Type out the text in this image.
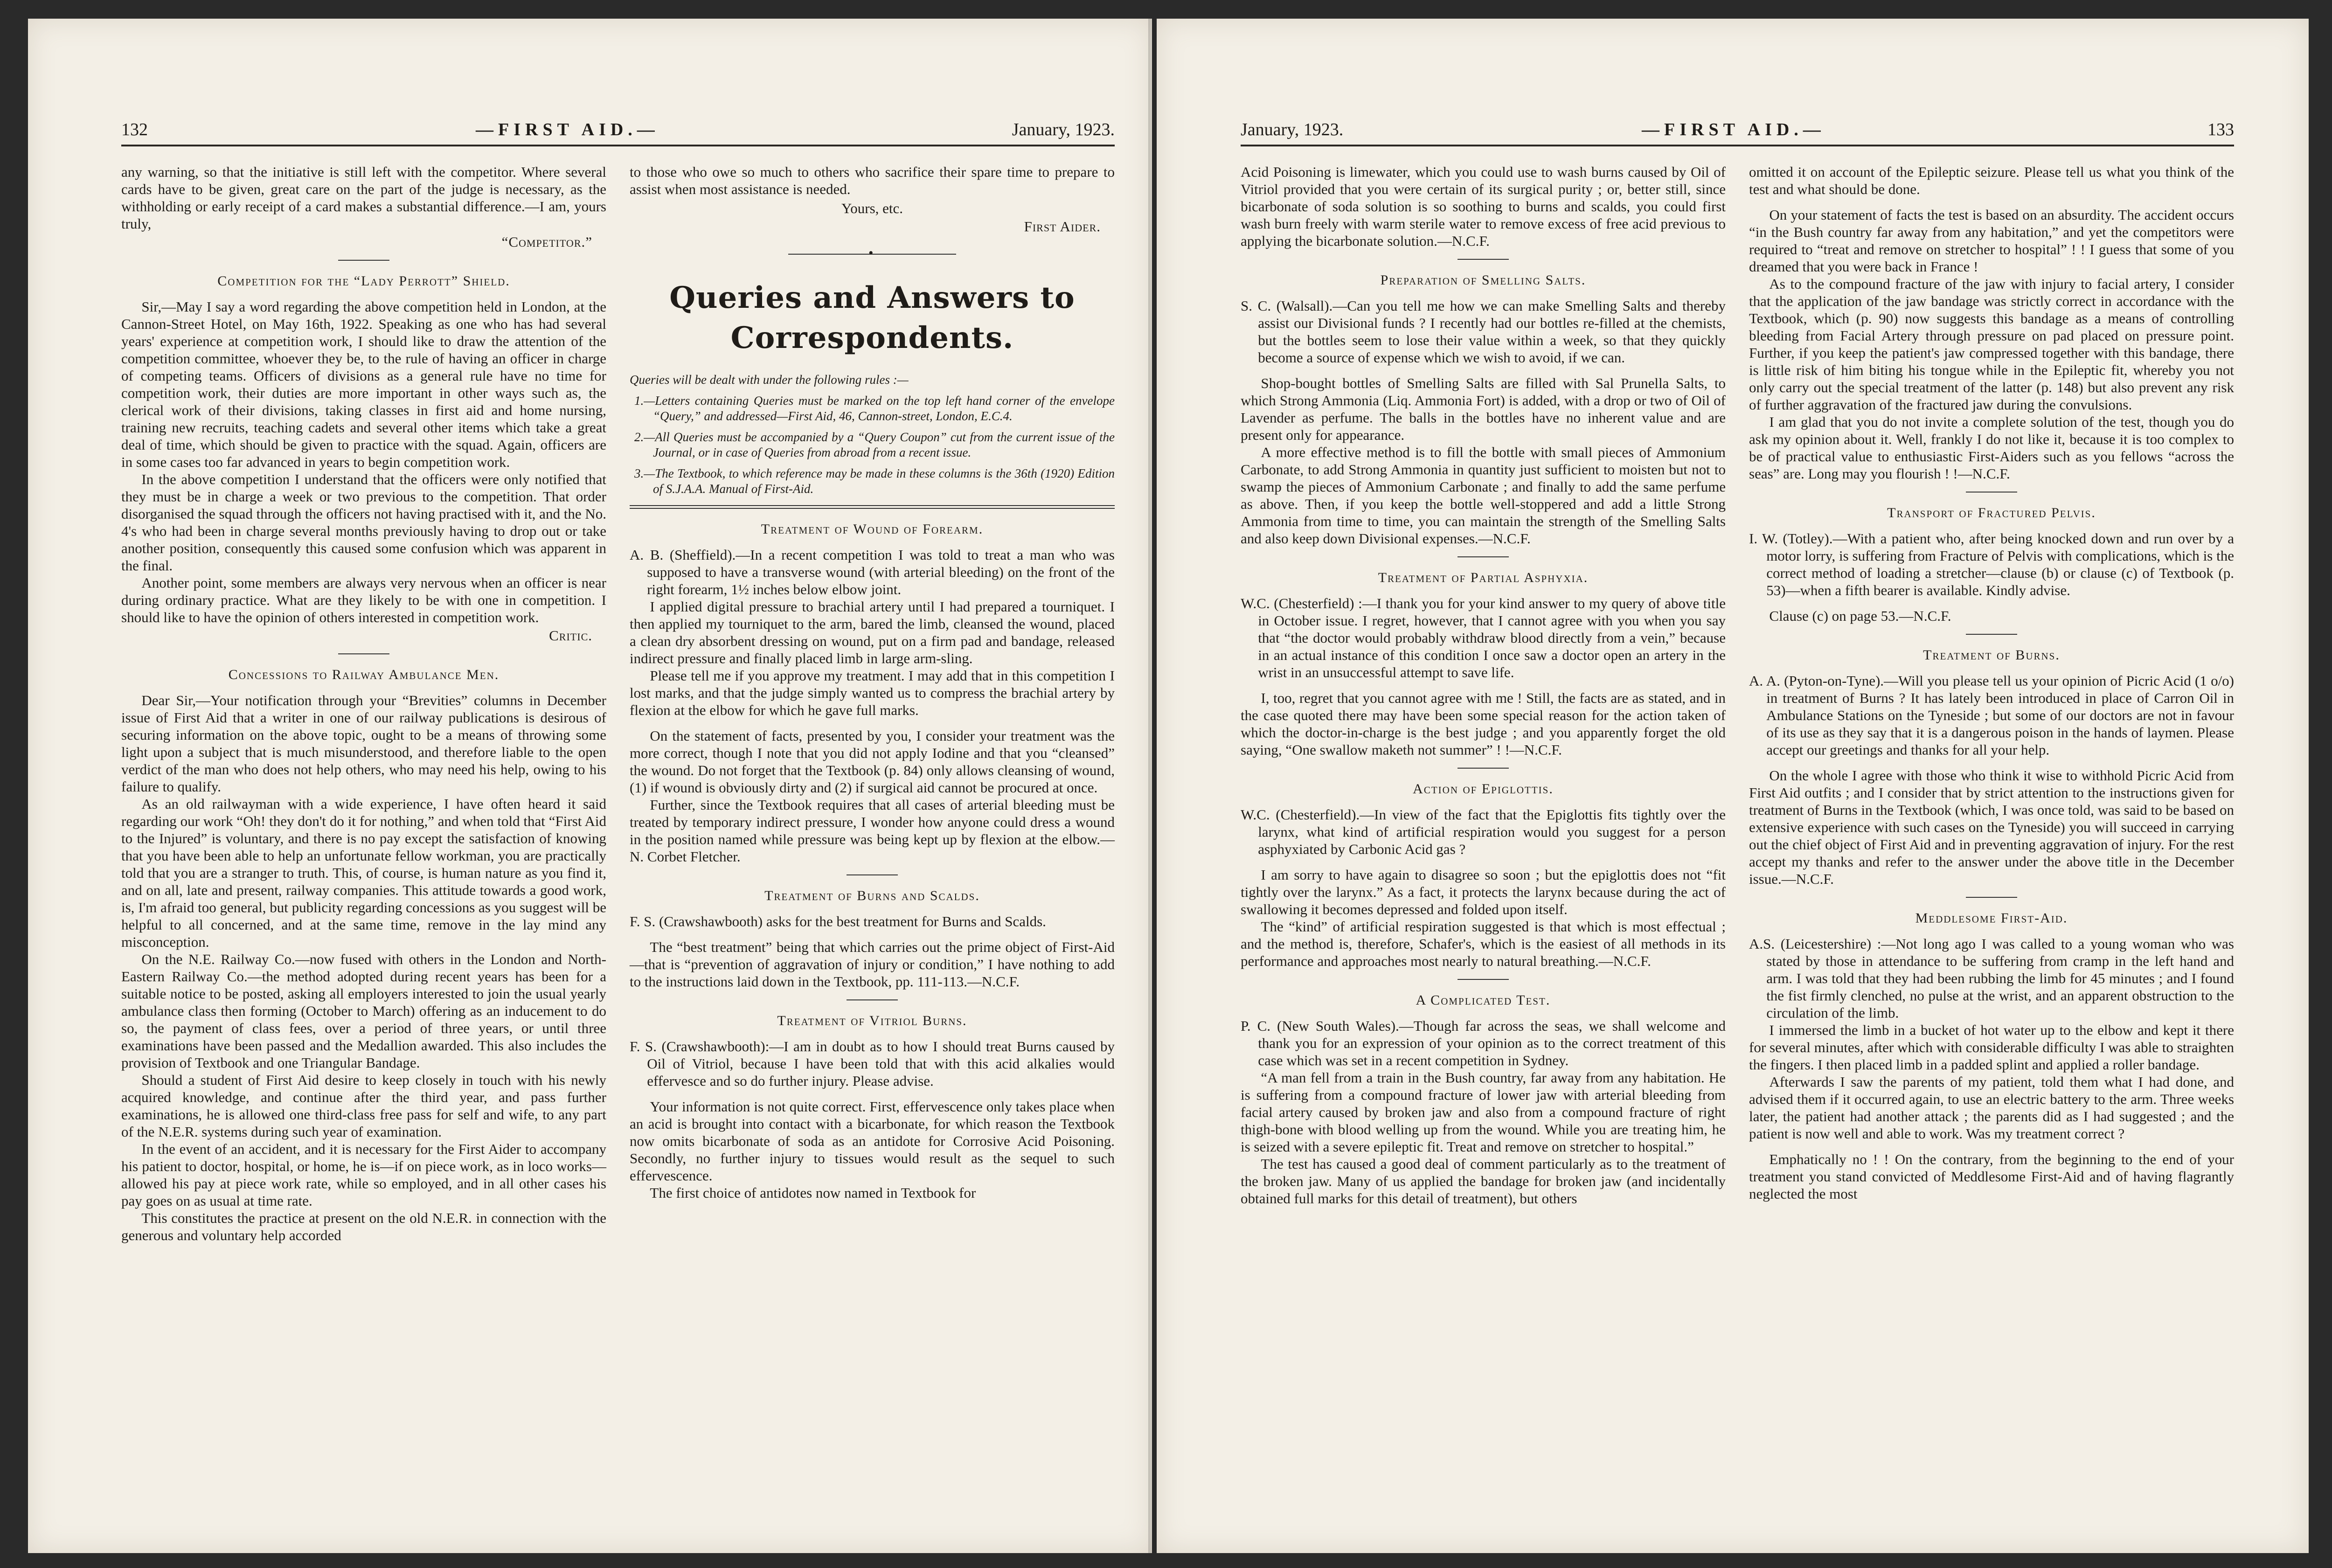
132	—FIRST AID.—	January, 1923.

any warning, so that the initiative is still left with the competitor. Where several cards have to be given, great care on the part of the judge is necessary, as the withholding or early receipt of a card makes a substantial difference.—I am, yours truly,

“Competitor.”
Competition for the “Lady Perrott” Shield.

Sir,—May I say a word regarding the above competition held in London, at the Cannon-Street Hotel, on May 16th, 1922. Speaking as one who has had several years' experience at competition work, I should like to draw the attention of the competition committee, whoever they be, to the rule of having an officer in charge of competing teams. Officers of divisions as a general rule have no time for competition work, their duties are more important in other ways such as, the clerical work of their divisions, taking classes in first aid and home nursing, training new recruits, teaching cadets and several other items which take a great deal of time, which should be given to practice with the squad. Again, officers are in some cases too far advanced in years to begin competition work.

In the above competition I understand that the officers were only notified that they must be in charge a week or two previous to the competition. That order disorganised the squad through the officers not having practised with it, and the No. 4's who had been in charge several months previously having to drop out or take another position, consequently this caused some confusion which was apparent in the final.

Another point, some members are always very nervous when an officer is near during ordinary practice. What are they likely to be with one in competition. I should like to have the opinion of others interested in competition work.

Critic.
Concessions to Railway Ambulance Men.

Dear Sir,—Your notification through your “Brevities” columns in December issue of First Aid that a writer in one of our railway publications is desirous of securing information on the above topic, ought to be a means of throwing some light upon a subject that is much misunderstood, and therefore liable to the open verdict of the man who does not help others, who may need his help, owing to his failure to qualify.

As an old railwayman with a wide experience, I have often heard it said regarding our work “Oh! they don't do it for nothing,” and when told that “First Aid to the Injured” is voluntary, and there is no pay except the satisfaction of knowing that you have been able to help an unfortunate fellow workman, you are practically told that you are a stranger to truth. This, of course, is human nature as you find it, and on all, late and present, railway companies. This attitude towards a good work, is, I'm afraid too general, but publicity regarding concessions as you suggest will be helpful to all concerned, and at the same time, remove in the lay mind any misconception.

On the N.E. Railway Co.—now fused with others in the London and North-Eastern Railway Co.—the method adopted during recent years has been for a suitable notice to be posted, asking all employers interested to join the usual yearly ambulance class then forming (October to March) offering as an inducement to do so, the payment of class fees, over a period of three years, or until three examinations have been passed and the Medallion awarded. This also includes the provision of Textbook and one Triangular Bandage.

Should a student of First Aid desire to keep closely in touch with his newly acquired knowledge, and continue after the third year, and pass further examinations, he is allowed one third-class free pass for self and wife, to any part of the N.E.R. systems during such year of examination.

In the event of an accident, and it is necessary for the First Aider to accompany his patient to doctor, hospital, or home, he is—if on piece work, as in loco works—allowed his pay at piece work rate, while so employed, and in all other cases his pay goes on as usual at time rate.

This constitutes the practice at present on the old N.E.R. in connection with the generous and voluntary help accorded

to those who owe so much to others who sacrifice their spare time to prepare to assist when most assistance is needed.

Yours, etc.
First Aider.
•
Queries and Answers to Correspondents.

Queries will be dealt with under the following rules :—

1.—Letters containing Queries must be marked on the top left hand corner of the envelope “Query,” and addressed—First Aid, 46, Cannon-street, London, E.C.4.

2.—All Queries must be accompanied by a “Query Coupon” cut from the current issue of the Journal, or in case of Queries from abroad from a recent issue.

3.—The Textbook, to which reference may be made in these columns is the 36th (1920) Edition of S.J.A.A. Manual of First-Aid.

Treatment of Wound of Forearm.

A. B. (Sheffield).—In a recent competition I was told to treat a man who was supposed to have a transverse wound (with arterial bleeding) on the front of the right forearm, 1½ inches below elbow joint.

I applied digital pressure to brachial artery until I had prepared a tourniquet. I then applied my tourniquet to the arm, bared the limb, cleansed the wound, placed a clean dry absorbent dressing on wound, put on a firm pad and bandage, released indirect pressure and finally placed limb in large arm-sling.

Please tell me if you approve my treatment. I may add that in this competition I lost marks, and that the judge simply wanted us to compress the brachial artery by flexion at the elbow for which he gave full marks.

On the statement of facts, presented by you, I consider your treatment was the more correct, though I note that you did not apply Iodine and that you “cleansed” the wound. Do not forget that the Textbook (p. 84) only allows cleansing of wound, (1) if wound is obviously dirty and (2) if surgical aid cannot be procured at once.

Further, since the Textbook requires that all cases of arterial bleeding must be treated by temporary indirect pressure, I wonder how anyone could dress a wound in the position named while pressure was being kept up by flexion at the elbow.—N. Corbet Fletcher.

Treatment of Burns and Scalds.

F. S. (Crawshawbooth) asks for the best treatment for Burns and Scalds.

The “best treatment” being that which carries out the prime object of First-Aid—that is “prevention of aggravation of injury or condition,” I have nothing to add to the instructions laid down in the Textbook, pp. 111-113.—N.C.F.

Treatment of Vitriol Burns.

F. S. (Crawshawbooth):—I am in doubt as to how I should treat Burns caused by Oil of Vitriol, because I have been told that with this acid alkalies would effervesce and so do further injury. Please advise.

Your information is not quite correct. First, effervescence only takes place when an acid is brought into contact with a bicarbonate, for which reason the Textbook now omits bicarbonate of soda as an antidote for Corrosive Acid Poisoning. Secondly, no further injury to tissues would result as the sequel to such effervescence.

The first choice of antidotes now named in Textbook for

January, 1923.	—FIRST AID.—	133

Acid Poisoning is limewater, which you could use to wash burns caused by Oil of Vitriol provided that you were certain of its surgical purity ; or, better still, since bicarbonate of soda solution is so soothing to burns and scalds, you could first wash burn freely with warm sterile water to remove excess of free acid previous to applying the bicarbonate solution.—N.C.F.

Preparation of Smelling Salts.

S. C. (Walsall).—Can you tell me how we can make Smelling Salts and thereby assist our Divisional funds ? I recently had our bottles re-filled at the chemists, but the bottles seem to lose their value within a week, so that they quickly become a source of expense which we wish to avoid, if we can.

Shop-bought bottles of Smelling Salts are filled with Sal Prunella Salts, to which Strong Ammonia (Liq. Ammonia Fort) is added, with a drop or two of Oil of Lavender as perfume. The balls in the bottles have no inherent value and are present only for appearance.

A more effective method is to fill the bottle with small pieces of Ammonium Carbonate, to add Strong Ammonia in quantity just sufficient to moisten but not to swamp the pieces of Ammonium Carbonate ; and finally to add the same perfume as above. Then, if you keep the bottle well-stoppered and add a little Strong Ammonia from time to time, you can maintain the strength of the Smelling Salts and also keep down Divisional expenses.—N.C.F.

Treatment of Partial Asphyxia.

W.C. (Chesterfield) :—I thank you for your kind answer to my query of above title in October issue. I regret, however, that I cannot agree with you when you say that “the doctor would probably withdraw blood directly from a vein,” because in an actual instance of this condition I once saw a doctor open an artery in the wrist in an unsuccessful attempt to save life.

I, too, regret that you cannot agree with me ! Still, the facts are as stated, and in the case quoted there may have been some special reason for the action taken of which the doctor-in-charge is the best judge ; and you apparently forget the old saying, “One swallow maketh not summer” ! !—N.C.F.

Action of Epiglottis.

W.C. (Chesterfield).—In view of the fact that the Epiglottis fits tightly over the larynx, what kind of artificial respiration would you suggest for a person asphyxiated by Carbonic Acid gas ?

I am sorry to have again to disagree so soon ; but the epiglottis does not “fit tightly over the larynx.” As a fact, it protects the larynx because during the act of swallowing it becomes depressed and folded upon itself.

The “kind” of artificial respiration suggested is that which is most effectual ; and the method is, therefore, Schafer's, which is the easiest of all methods in its performance and approaches most nearly to natural breathing.—N.C.F.

A Complicated Test.

P. C. (New South Wales).—Though far across the seas, we shall welcome and thank you for an expression of your opinion as to the correct treatment of this case which was set in a recent competition in Sydney.

“A man fell from a train in the Bush country, far away from any habitation. He is suffering from a compound fracture of lower jaw with arterial bleeding from facial artery caused by broken jaw and also from a compound fracture of right thigh-bone with blood welling up from the wound. While you are treating him, he is seized with a severe epileptic fit. Treat and remove on stretcher to hospital.”

The test has caused a good deal of comment particularly as to the treatment of the broken jaw. Many of us applied the bandage for broken jaw (and incidentally obtained full marks for this detail of treatment), but others

omitted it on account of the Epileptic seizure. Please tell us what you think of the test and what should be done.

On your statement of facts the test is based on an absurdity. The accident occurs “in the Bush country far away from any habitation,” and yet the competitors were required to “treat and remove on stretcher to hospital” ! ! I guess that some of you dreamed that you were back in France !

As to the compound fracture of the jaw with injury to facial artery, I consider that the application of the jaw bandage was strictly correct in accordance with the Textbook, which (p. 90) now suggests this bandage as a means of controlling bleeding from Facial Artery through pressure on pad placed on pressure point. Further, if you keep the patient's jaw compressed together with this bandage, there is little risk of him biting his tongue while in the Epileptic fit, whereby you not only carry out the special treatment of the latter (p. 148) but also prevent any risk of further aggravation of the fractured jaw during the convulsions.

I am glad that you do not invite a complete solution of the test, though you do ask my opinion about it. Well, frankly I do not like it, because it is too complex to be of practical value to enthusiastic First-Aiders such as you fellows “across the seas” are. Long may you flourish ! !—N.C.F.

Transport of Fractured Pelvis.

I. W. (Totley).—With a patient who, after being knocked down and run over by a motor lorry, is suffering from Fracture of Pelvis with complications, which is the correct method of loading a stretcher—clause (b) or clause (c) of Textbook (p. 53)—when a fifth bearer is available. Kindly advise.

Clause (c) on page 53.—N.C.F.

Treatment of Burns.

A. A. (Pyton-on-Tyne).—Will you please tell us your opinion of Picric Acid (1 o/o) in treatment of Burns ? It has lately been introduced in place of Carron Oil in Ambulance Stations on the Tyneside ; but some of our doctors are not in favour of its use as they say that it is a dangerous poison in the hands of laymen. Please accept our greetings and thanks for all your help.

On the whole I agree with those who think it wise to withhold Picric Acid from First Aid outfits ; and I consider that by strict attention to the instructions given for treatment of Burns in the Textbook (which, I was once told, was said to be based on extensive experience with such cases on the Tyneside) you will succeed in carrying out the chief object of First Aid and in preventing aggravation of injury. For the rest accept my thanks and refer to the answer under the above title in the December issue.—N.C.F.

Meddlesome First-Aid.

A.S. (Leicestershire) :—Not long ago I was called to a young woman who was stated by those in attendance to be suffering from cramp in the left hand and arm. I was told that they had been rubbing the limb for 45 minutes ; and I found the fist firmly clenched, no pulse at the wrist, and an apparent obstruction to the circulation of the limb.

I immersed the limb in a bucket of hot water up to the elbow and kept it there for several minutes, after which with considerable difficulty I was able to straighten the fingers. I then placed limb in a padded splint and applied a roller bandage.

Afterwards I saw the parents of my patient, told them what I had done, and advised them if it occurred again, to use an electric battery to the arm. Three weeks later, the patient had another attack ; the parents did as I had suggested ; and the patient is now well and able to work. Was my treatment correct ?

Emphatically no ! ! On the contrary, from the beginning to the end of your treatment you stand convicted of Meddlesome First-Aid and of having flagrantly neglected the most
